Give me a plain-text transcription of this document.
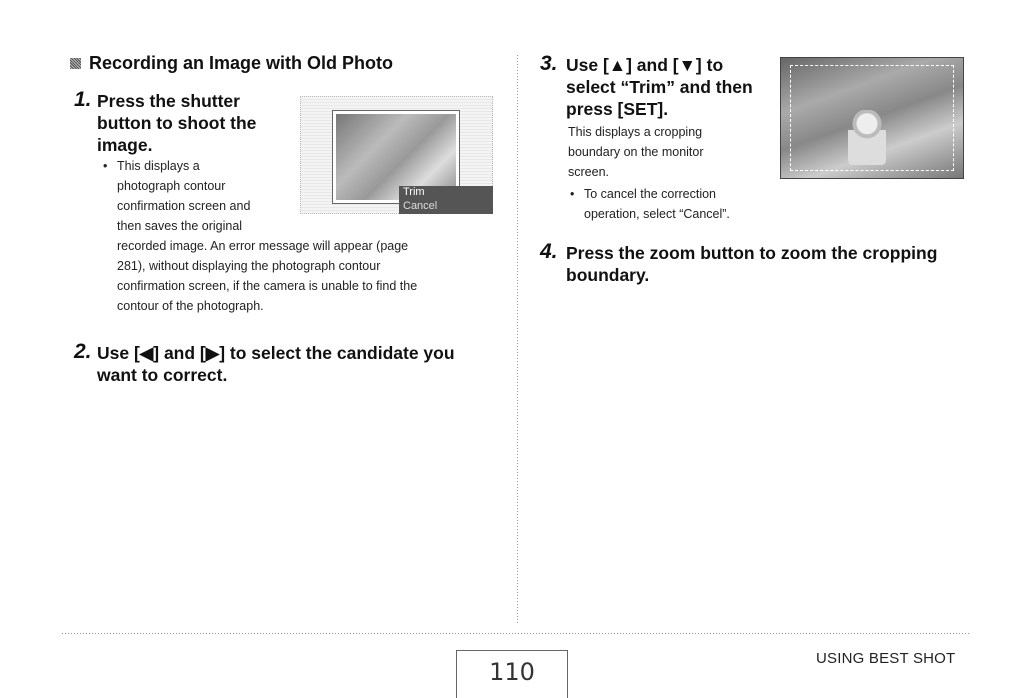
Recording an Image with Old Photo
1. Press the shutter
button to shoot the
image.
• This displays a
photograph contour
confirmation screen and
then saves the original
recorded image. An error message will appear (page
281), without displaying the photograph contour
confirmation screen, if the camera is unable to find the
contour of the photograph.
Trim
Cancel
2. Use [◀] and [▶] to select the candidate you
want to correct.
3. Use [▲] and [▼] to
select “Trim” and then
press [SET].
This displays a cropping
boundary on the monitor
screen.
• To cancel the correction
operation, select “Cancel”.
4. Press the zoom button to zoom the cropping
boundary.
110	USING BEST SHOT
